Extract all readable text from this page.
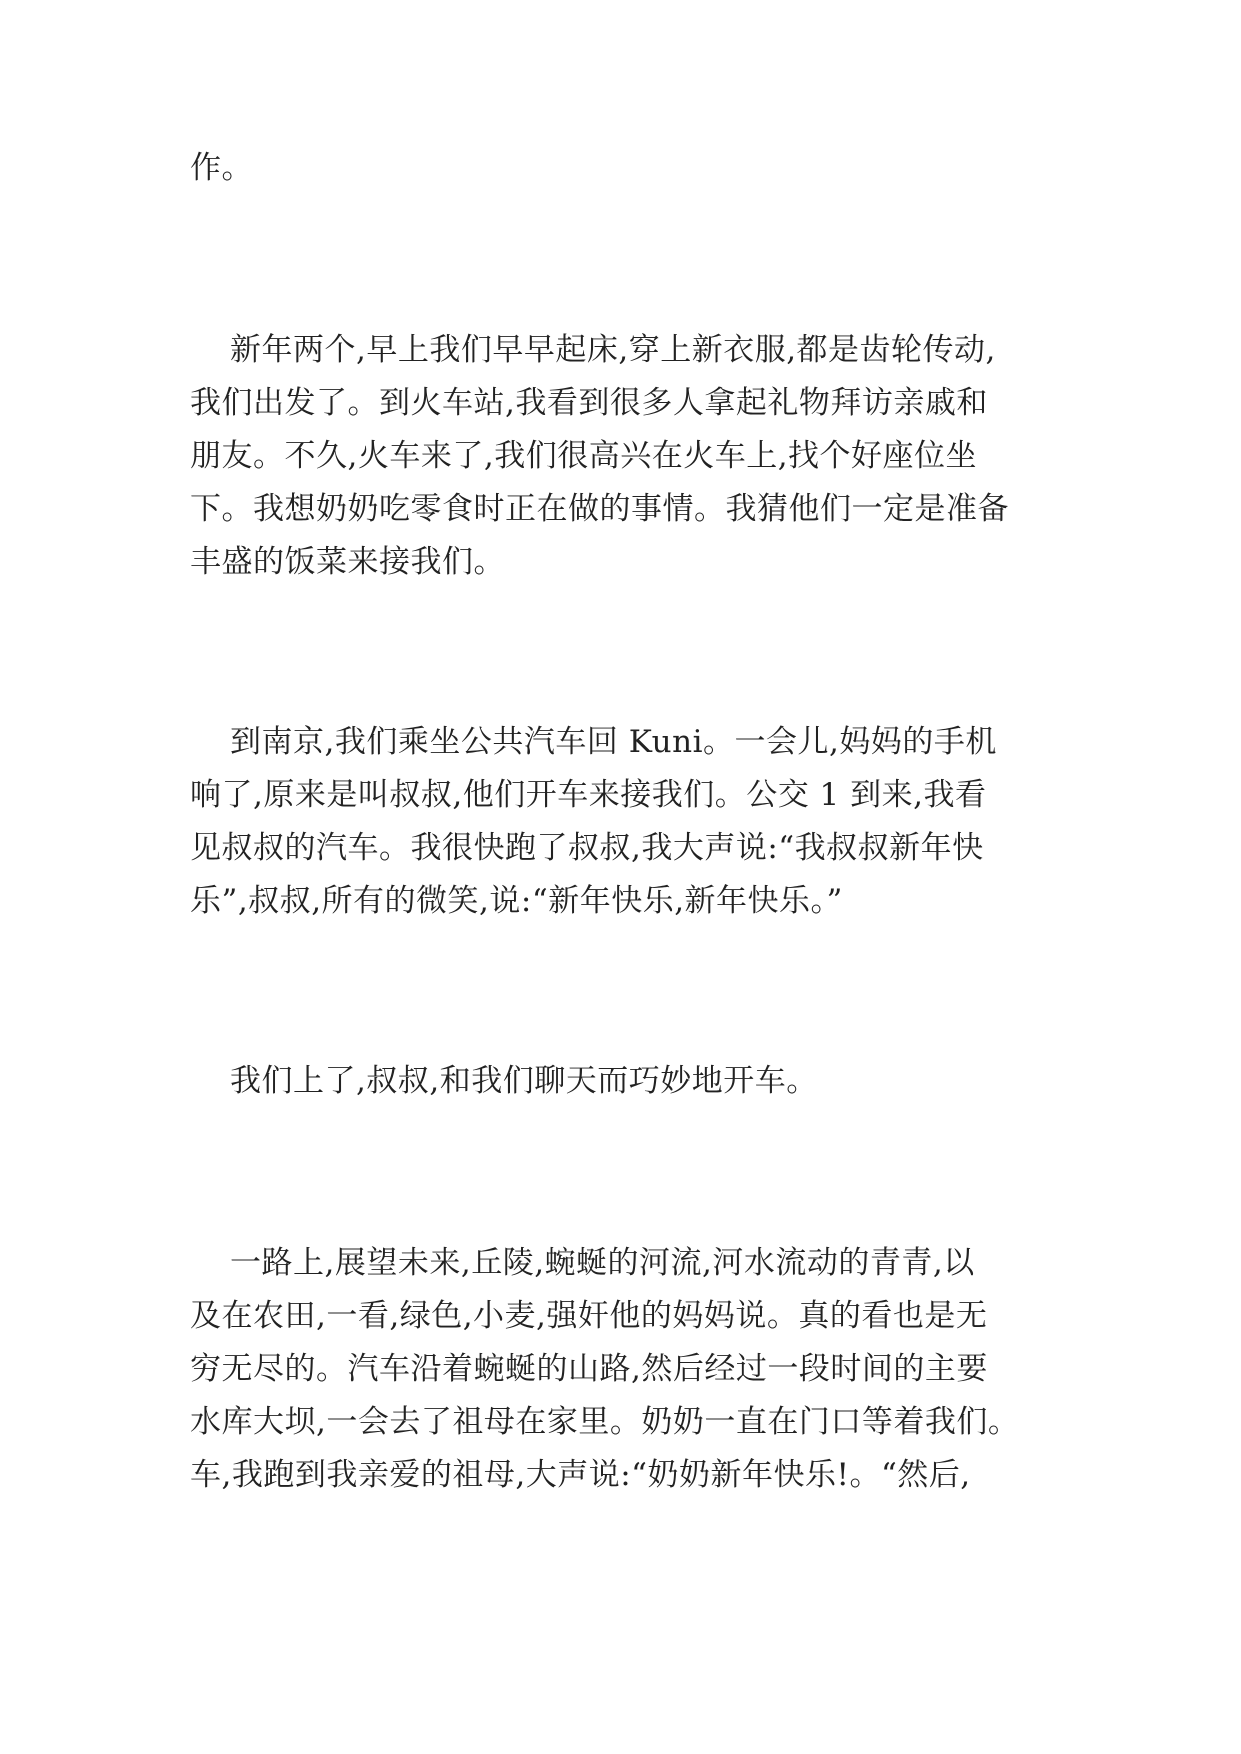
作。
新年两个,早上我们早早起床,穿上新衣服,都是齿轮传动,
我们出发了。到火车站,我看到很多人拿起礼物拜访亲戚和
朋友。不久,火车来了,我们很高兴在火车上,找个好座位坐
下。我想奶奶吃零食时正在做的事情。我猜他们一定是准备
丰盛的饭菜来接我们。
到南京,我们乘坐公共汽车回 Kuni。一会儿,妈妈的手机
响了,原来是叫叔叔,他们开车来接我们。公交 1 到来,我看
见叔叔的汽车。我很快跑了叔叔,我大声说:“我叔叔新年快
乐”,叔叔,所有的微笑,说:“新年快乐,新年快乐。”
我们上了,叔叔,和我们聊天而巧妙地开车。
一路上,展望未来,丘陵,蜿蜒的河流,河水流动的青青,以
及在农田,一看,绿色,小麦,强奸他的妈妈说。真的看也是无
穷无尽的。汽车沿着蜿蜒的山路,然后经过一段时间的主要
水库大坝,一会去了祖母在家里。奶奶一直在门口等着我们。
车,我跑到我亲爱的祖母,大声说:“奶奶新年快乐!。“然后,
